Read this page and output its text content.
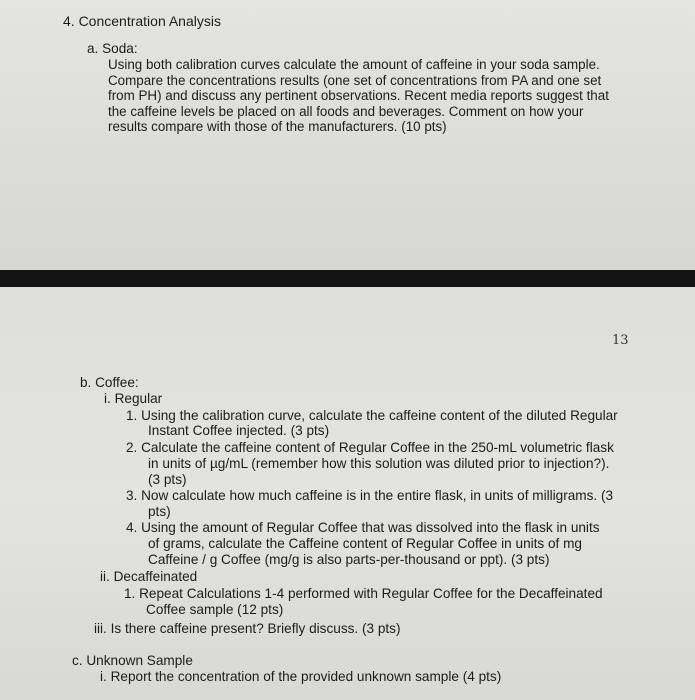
4. Concentration Analysis
a. Soda:
Using both calibration curves calculate the amount of caffeine in your soda sample.
Compare the concentrations results (one set of concentrations from PA and one set
from PH) and discuss any pertinent observations. Recent media reports suggest that
the caffeine levels be placed on all foods and beverages. Comment on how your
results compare with those of the manufacturers. (10 pts)
13
b. Coffee:
i. Regular
1. Using the calibration curve, calculate the caffeine content of the diluted Regular
Instant Coffee injected. (3 pts)
2. Calculate the caffeine content of Regular Coffee in the 250-mL volumetric flask
in units of µg/mL (remember how this solution was diluted prior to injection?).
(3 pts)
3. Now calculate how much caffeine is in the entire flask, in units of milligrams. (3
pts)
4. Using the amount of Regular Coffee that was dissolved into the flask in units
of grams, calculate the Caffeine content of Regular Coffee in units of mg
Caffeine / g Coffee (mg/g is also parts-per-thousand or ppt). (3 pts)
ii. Decaffeinated
1. Repeat Calculations 1-4 performed with Regular Coffee for the Decaffeinated
Coffee sample (12 pts)
iii. Is there caffeine present? Briefly discuss. (3 pts)
c. Unknown Sample
i. Report the concentration of the provided unknown sample (4 pts)
